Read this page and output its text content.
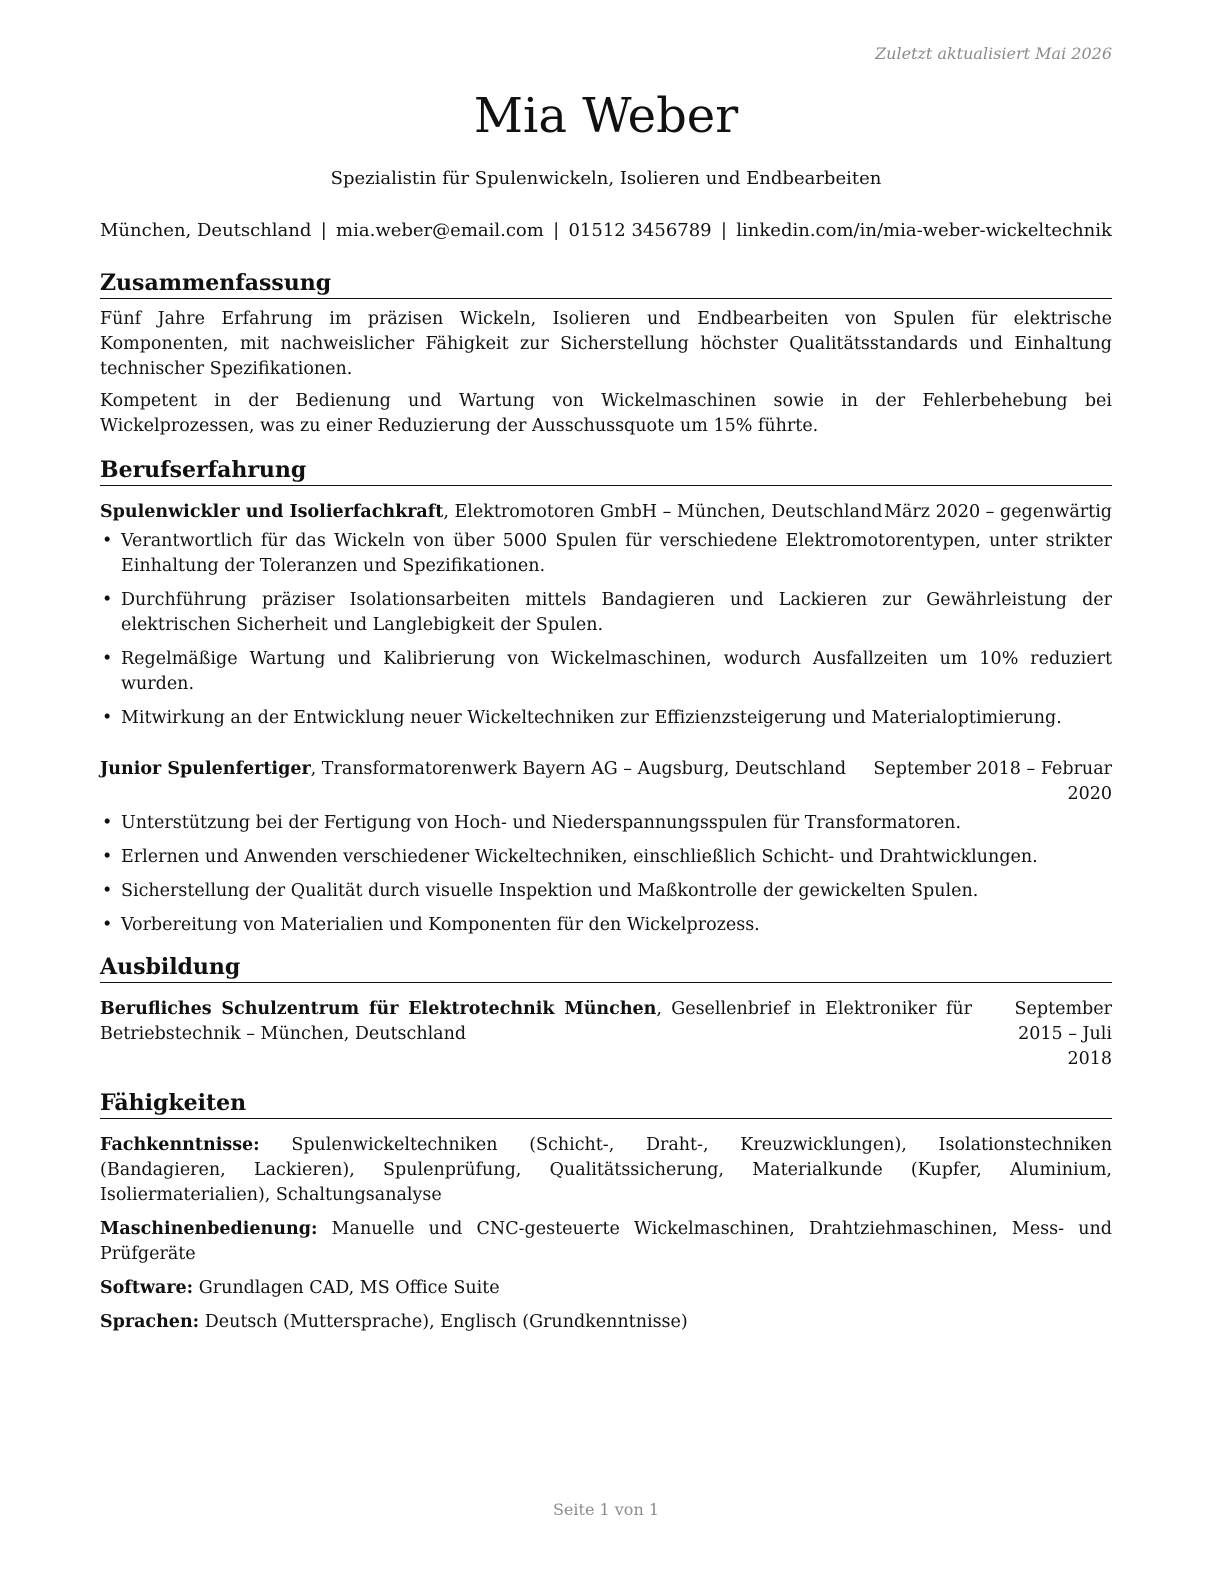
Zuletzt aktualisiert Mai 2026
Mia Weber
Spezialistin für Spulenwickeln, Isolieren und Endbearbeiten
München, Deutschland | mia.weber@email.com | 01512 3456789 | linkedin.com/in/mia-weber-wickeltechnik
Zusammenfassung

Fünf Jahre Erfahrung im präzisen Wickeln, Isolieren und Endbearbeiten von Spulen für elektrische Komponenten, mit nachweislicher Fähigkeit zur Sicherstellung höchster Qualitätsstandards und Einhaltung technischer Spezifikationen.

Kompetent in der Bedienung und Wartung von Wickelmaschinen sowie in der Fehlerbehebung bei Wickelprozessen, was zu einer Reduzierung der Ausschussquote um 15% führte.

Berufserfahrung
Spulenwickler und Isolierfachkraft, Elektromotoren GmbH – München, Deutschland März 2020 – gegenwärtig
• Verantwortlich für das Wickeln von über 5000 Spulen für verschiedene Elektromotorentypen, unter strikter Einhaltung der Toleranzen und Spezifikationen.
• Durchführung präziser Isolationsarbeiten mittels Bandagieren und Lackieren zur Gewährleistung der elektrischen Sicherheit und Langlebigkeit der Spulen.
• Regelmäßige Wartung und Kalibrierung von Wickelmaschinen, wodurch Ausfallzeiten um 10% reduziert wurden.
• Mitwirkung an der Entwicklung neuer Wickeltechniken zur Effizienzsteigerung und Materialoptimierung.
Junior Spulenfertiger, Transformatorenwerk Bayern AG – Augsburg, Deutschland	September 2018 – Februar 2020
• Unterstützung bei der Fertigung von Hoch- und Niederspannungsspulen für Transformatoren.
• Erlernen und Anwenden verschiedener Wickeltechniken, einschließlich Schicht- und Drahtwicklungen.
• Sicherstellung der Qualität durch visuelle Inspektion und Maßkontrolle der gewickelten Spulen.
• Vorbereitung von Materialien und Komponenten für den Wickelprozess.
Ausbildung
Berufliches Schulzentrum für Elektrotechnik München, Gesellenbrief in Elektroniker für Betriebstechnik – München, Deutschland
September 2015 – Juli 2018
Fähigkeiten

Fachkenntnisse: Spulenwickeltechniken (Schicht-, Draht-, Kreuzwicklungen), Isolationstechniken (Bandagieren, Lackieren), Spulenprüfung, Qualitätssicherung, Materialkunde (Kupfer, Aluminium, Isoliermaterialien), Schaltungsanalyse

Maschinenbedienung: Manuelle und CNC-gesteuerte Wickelmaschinen, Drahtziehmaschinen, Mess- und Prüfgeräte

Software: Grundlagen CAD, MS Office Suite

Sprachen: Deutsch (Muttersprache), Englisch (Grundkenntnisse)

Seite 1 von 1
